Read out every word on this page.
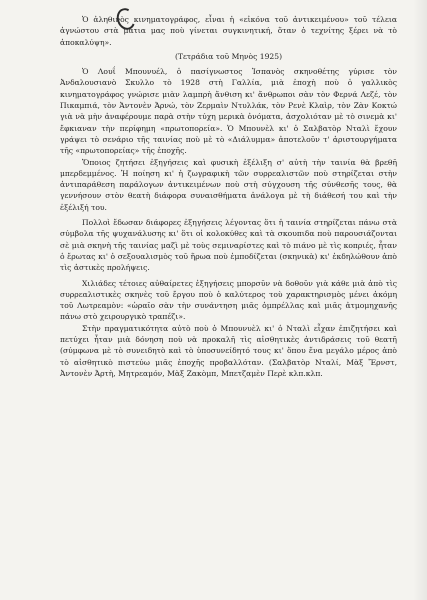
Ὁ ἀληθινὸς κινηματογράφος, εἶναι ἡ «εἰκόνα τοῦ ἀντικειμένου» τοῦ τέλεια ἀγνώστου στὰ μάτια μας ποὺ γίνεται συγκινητική, ὅταν ὁ τεχνίτης ξέρει νὰ τὸ ἀποκαλύψη».

(Τετράδια τοῦ Μηνὸς 1925)

Ὁ Λουΐ Μπουνυέλ, ὁ πασίγνωστος Ἱσπανὸς σκηνοθέτης γύρισε τὸν Ἀνδαλουσιανὸ Σκυλλο τὸ 1928 στὴ Γαλλία, μιὰ ἐποχὴ ποὺ ὁ γαλλικὸς κινηματογράφος γνώρισε μιὰν λαμπρὴ ἄνθιση κι' ἄνθρωποι σὰν τὸν Φερνά Λεζέ, τὸν Πικαμπιά, τὸν Ἀντονὲν Ἀρνώ, τὸν Ζερμαὶν Ντυλλάκ, τὸν Ρενὲ Κλαὶρ, τὸν Ζὰν Κοκτώ γιὰ νὰ μὴν ἀναφέρουμε παρὰ στὴν τύχη μερικὰ ὀνόματα, ἀσχολιόταν μὲ τὸ σινεμὰ κι' ἔφκιαναν τὴν περίφημη «πρωτοπορεία». Ὁ Μπουνὲλ κι' ὁ Σαλβατὸρ Νταλὶ ἔχουν γράψει τὸ σενάριο τῆς ταινίας ποὺ μὲ τὸ «Διάλυμμα» ἀποτελοῦν τ' ἀριστουργήματα τῆς «πρωτοπορείας» τῆς ἐποχῆς.

Ὅποιος ζητήσει ἐξηγήσεις καὶ φυσικὴ ἐξέλιξη σ' αὐτὴ τὴν ταινία θὰ βρεθῆ μπερδεμμένος. Ἡ ποίηση κι' ἡ ζωγραφικὴ τῶν συρρεαλιστῶν ποὺ στηρίζεται στὴν ἀντιπαράθεση παράλογων ἀντικειμένων ποὺ στὴ σύγχουση τῆς σύνθεσῆς τους, θὰ γεννήσουν στὸν θεατὴ διάφορα συναισθήματα ἀνάλογα μὲ τὴ διάθεσή του καὶ τὴν ἐξέλιξή του.

Πολλοὶ ἔδωσαν διάφορες ἐξηγήσεις λέγοντας ὅτι ἡ ταινία στηρίζεται πάνω στὰ σύμβολα τῆς ψυχανάλυσης κι' ὅτι οἱ κολοκύθες καὶ τὰ σκουπιδα ποὺ παρουσιάζονται σὲ μιὰ σκηνὴ τῆς ταινίας μαζὶ μὲ τοὺς σεμιναρίστες καὶ τὸ πιάνο μὲ τὶς κοπριές, ἦταν ὁ ἔρωτας κι' ὁ σεξουαλισμὸς τοῦ ἥρωα ποὺ ἐμποδίζεται (σκηνικὰ) κι' ἐκδηλώθουν ἀπὸ τὶς ἀστικὲς προλήψεις.

Χιλιάδες τέτοιες αὐθαίρετες ἐξηγήσεις μπορσῦν νὰ δοθοῦν γιὰ κάθε μιὰ ἀπὸ τὶς συρρεαλιστικὲς σκηνὲς τοῦ ἔργου ποὺ ὁ καλύτερος τοὺ χαρακτηρισμὸς μένει ἀκόμη τοῦ Λωτρεαμὸν: «ὡραῖο σὰν τὴν συνάντηση μιᾶς ὀμπρέλλας καὶ μιᾶς ἀτμομηχανῆς πάνω στὸ χειρουργικὸ τραπέζι».

Στὴν πραγματικότητα αὐτὸ ποὺ ὁ Μπουνυὲλ κι' ὁ Νταλὶ εἶχαν ἐπιζητήσει καὶ πετύχει ἦταν μιὰ δόνηση ποὺ νὰ προκαλῆ τὶς αἰσθητικὲς ἀντιδράσεις τοῦ θεατῆ (σύμφωνα μὲ τὸ συνειδητὸ καὶ τὸ ὑποσυνείδητό τους κι' ὅπου ἕνα μεγάλο μέρος ἀπὸ τὸ αἰσθητικὸ πιστεύω μιᾶς ἐποχῆς προβαλλόταν. (Σαλβατὸρ Νταλί, Μὰξ Ἔρνστ, Ἀντονὲν Ἀρτὴ, Μητρεαμόν, Μὰξ Ζακὸμπ, Μπετζαμὲν Περὲ κλπ.κλπ.
